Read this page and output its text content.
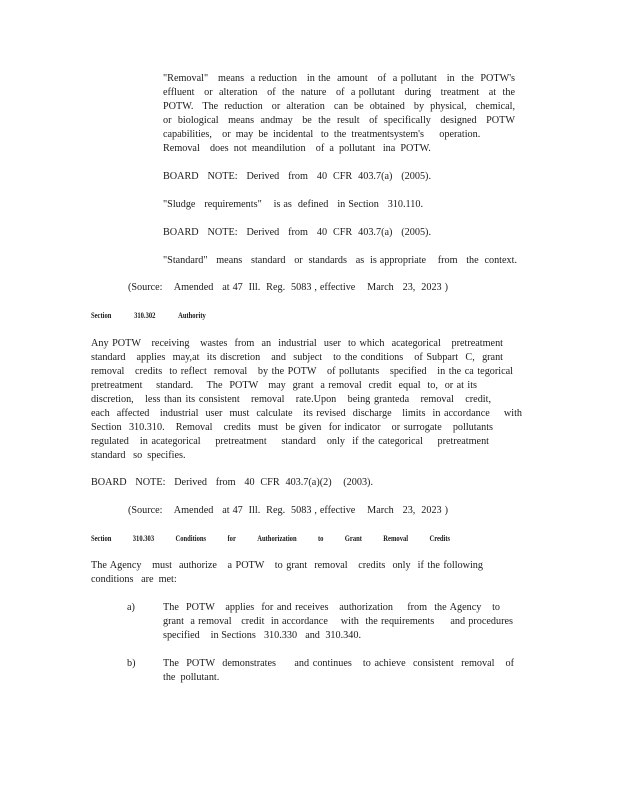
"Removal"   means  a reduction   in the  amount   of  a pollutant   in  the  POTW's
effluent   or  alteration   of  the  nature   of  a pollutant   during   treatment   at  the
POTW.   The  reduction   or  alteration   can  be  obtained   by  physical,   chemical,
or  biological   means  andmay   be  the  result   of  specifically   designed   POTW
capabilities,    or  may  be  incidental   to  the  treatmentsystem's      operation.
Removal    does  not  meandilution    of  a  pollutant   ina  POTW.
BOARD   NOTE:   Derived   from   40  CFR  403.7(a)   (2005).
"Sludge   requirements"    is as  defined   in Section   310.110.
BOARD   NOTE:   Derived   from   40  CFR  403.7(a)   (2005).
"Standard"   means   standard   or  standards   as  is appropriate    from   the  context.
(Source:    Amended   at 47  Ill.  Reg.  5083 , effective    March   23,  2023 )
Section	310.302	Authority
Any POTW   receiving   wastes  from  an  industrial  user  to which  acategorical   pretreatment
standard   applies  may,at  its discretion   and  subject   to the conditions   of Subpart  C,  grant
removal   credits  to reflect  removal   by the POTW   of pollutants   specified   in the ca tegorical
pretreatment    standard.    The  POTW   may  grant  a removal  credit  equal  to,  or at its
discretion,   less than its consistent   removal   rate.Upon   being granteda   removal   credit,
each  affected   industrial  user  must  calculate   its revised  discharge   limits  in accordance    with
Section  310.310.   Removal   credits  must  be given  for indicator   or surrogate   pollutants
regulated   in acategorical    pretreatment    standard   only  if the categorical    pretreatment
standard   so  specifies.
BOARD   NOTE:   Derived   from   40  CFR  403.7(a)(2)    (2003).
(Source:    Amended   at 47  Ill.  Reg.  5083 , effective    March   23,  2023 )
Section	310.303	Conditions	for	Authorization	to	Grant	Removal	Credits
The Agency   must  authorize   a POTW   to grant  removal   credits  only  if the following
conditions   are  met:
a)	The  POTW   applies  for and receives   authorization    from  the Agency   to
grant  a removal   credit  in accordance    with  the requirements     and procedures
specified    in Sections   310.330   and  310.340.
b)	The  POTW  demonstrates     and continues   to achieve  consistent  removal   of
the  pollutant.
